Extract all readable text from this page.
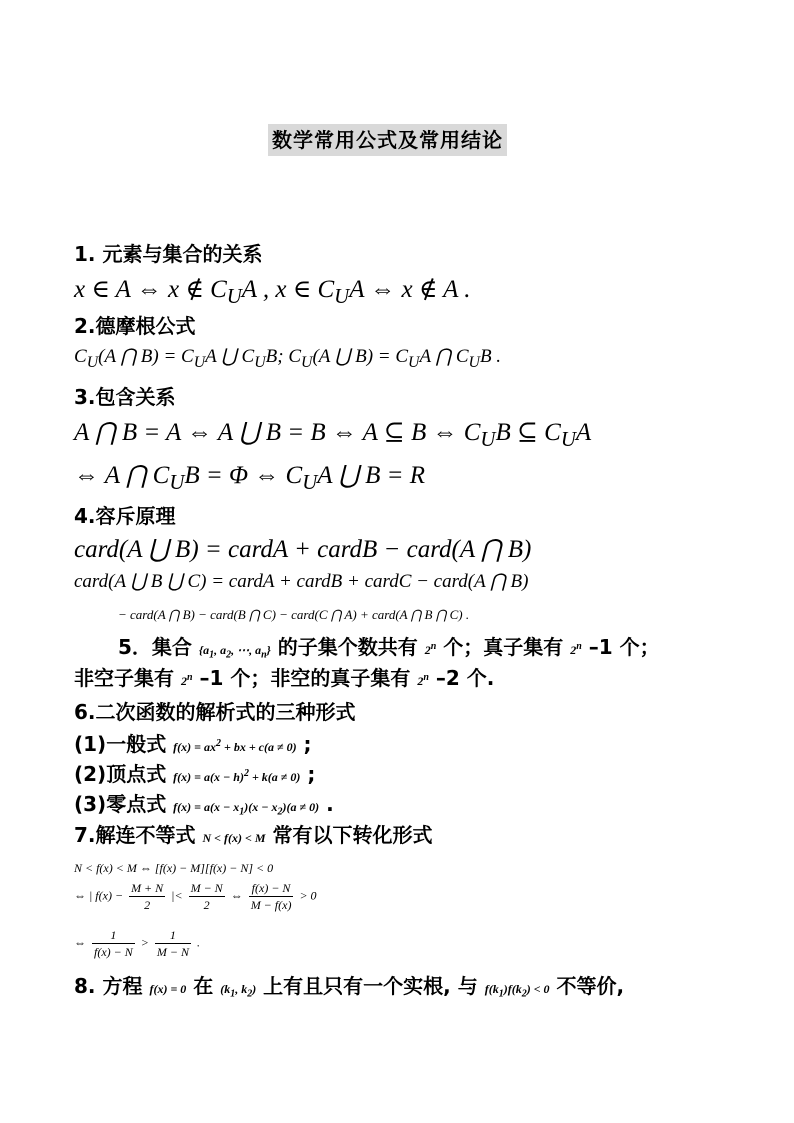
数学常用公式及常用结论
1. 元素与集合的关系
x ∈ A ⇔ x ∉ $C_UA$ , x ∈ $C_UA$ ⇔ x ∉ A .
2.德摩根公式
$C_U(A$ ⋂ $B) = C_UA$ ⋃ $C_UB$; $C_U(A$ ⋃ $B) = C_UA$ ⋂ $C_UB$ .
3.包含关系
A ⋂ B = A ⇔ A ⋃ B = B ⇔ A ⊆ B ⇔ $C_UB$ ⊆ $C_UA$
⇔ A ⋂ $C_UB = \Phi$ ⇔ $C_UA$ ⋃ B = R
4.容斥原理
card(A ⋃ B) = cardA + cardB − card(A ⋂ B)
card(A ⋃ B ⋃ C) = cardA + cardB + cardC − card(A ⋂ B)
− card(A ⋂ B) − card(B ⋂ C) − card(C ⋂ A) + card(A ⋂ B ⋂ C) .
5．集合 {$a_1$, $a_2$, ⋯, $a_n$} 的子集个数共有 2$^n$ 个；真子集有 2$^n$ –1 个；
非空子集有 2$^n$ –1 个；非空的真子集有 2$^n$ –2 个.
6.二次函数的解析式的三种形式
(1)一般式 $f(x) = ax^2$ + bx + c(a ≠ 0) ;
(2)顶点式 $f(x) = a(x - h)^2 + k(a \ne 0)$ ;
(3)零点式 $f(x) = a(x - x_1)(x - x_2)(a \ne 0)$ .
7.解连不等式 N < f(x) < M 常有以下转化形式
N < f(x) < M ⇔ [f(x) − M][f(x) − N] < 0
⇔ | $f(x) - \frac{M + N}{2}$ |< $\frac{M - N}{2}$ ⇔ $\frac{f(x) - N}{M - f(x)} > 0$
⇔ $\frac{1}{f(x) - N} > \frac{1}{M - N}$ .
8. 方程 f(x) = 0 在 ($k_1$, $k_2$) 上有且只有一个实根, 与 $f(k_1)f(k_2) < 0$ 不等价,
